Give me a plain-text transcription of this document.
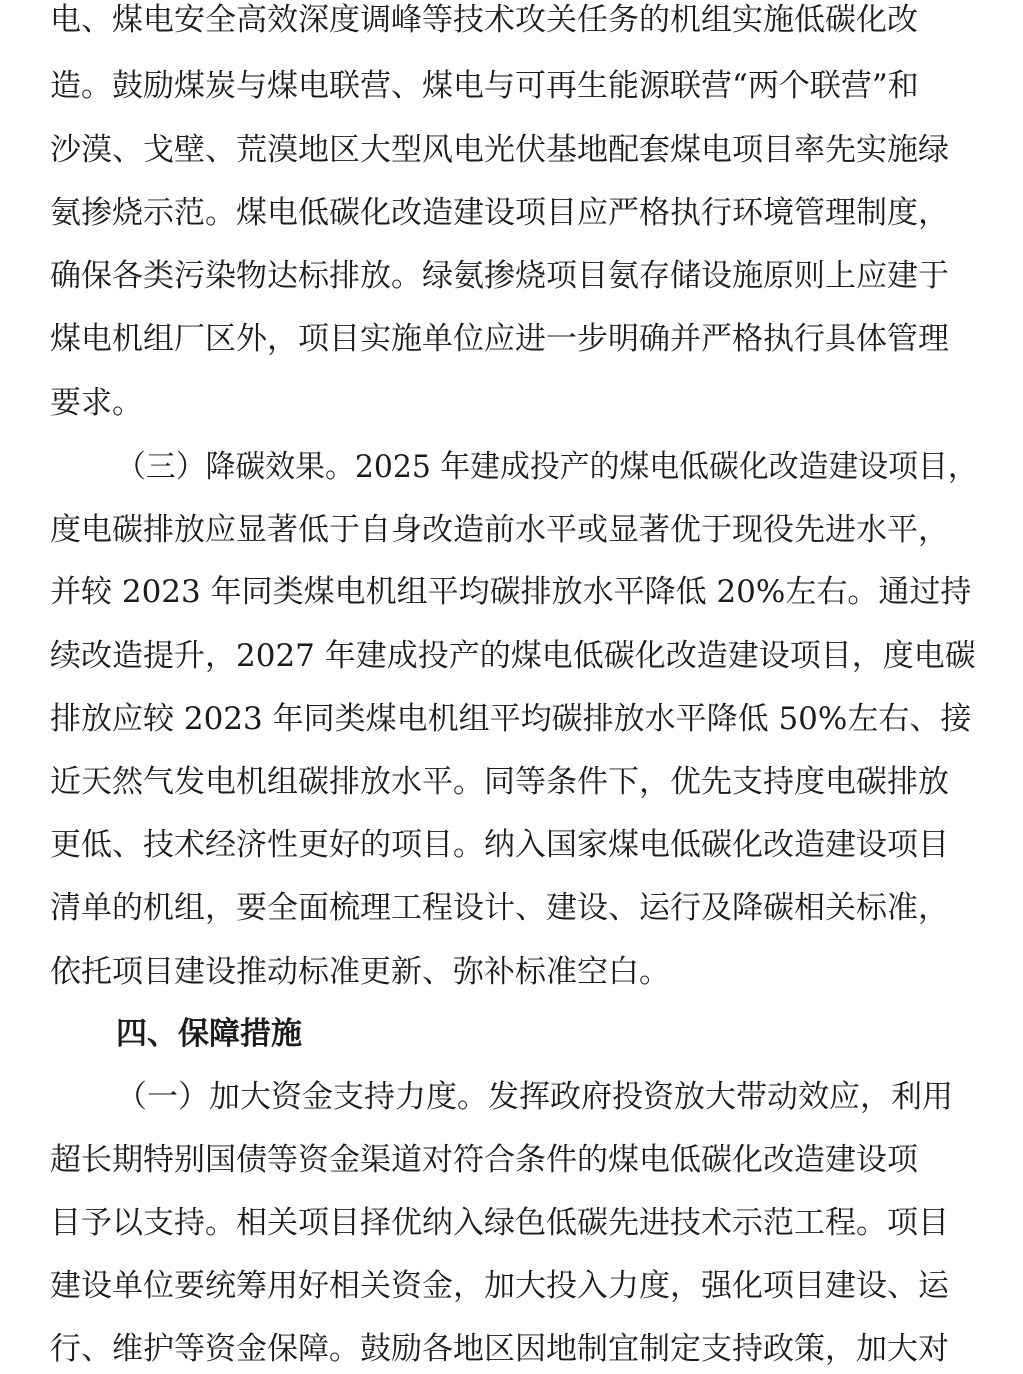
电、煤电安全高效深度调峰等技术攻关任务的机组实施低碳化改
造。鼓励煤炭与煤电联营、煤电与可再生能源联营“两个联营”和
沙漠、戈壁、荒漠地区大型风电光伏基地配套煤电项目率先实施绿
氨掺烧示范。煤电低碳化改造建设项目应严格执行环境管理制度，
确保各类污染物达标排放。绿氨掺烧项目氨存储设施原则上应建于
煤电机组厂区外，项目实施单位应进一步明确并严格执行具体管理
要求。
（三）降碳效果。2025 年建成投产的煤电低碳化改造建设项目，
度电碳排放应显著低于自身改造前水平或显著优于现役先进水平，
并较 2023 年同类煤电机组平均碳排放水平降低 20%左右。通过持
续改造提升，2027 年建成投产的煤电低碳化改造建设项目，度电碳
排放应较 2023 年同类煤电机组平均碳排放水平降低 50%左右、接
近天然气发电机组碳排放水平。同等条件下，优先支持度电碳排放
更低、技术经济性更好的项目。纳入国家煤电低碳化改造建设项目
清单的机组，要全面梳理工程设计、建设、运行及降碳相关标准，
依托项目建设推动标准更新、弥补标准空白。
四、保障措施
（一）加大资金支持力度。发挥政府投资放大带动效应，利用
超长期特别国债等资金渠道对符合条件的煤电低碳化改造建设项
目予以支持。相关项目择优纳入绿色低碳先进技术示范工程。项目
建设单位要统筹用好相关资金，加大投入力度，强化项目建设、运
行、维护等资金保障。鼓励各地区因地制宜制定支持政策，加大对
